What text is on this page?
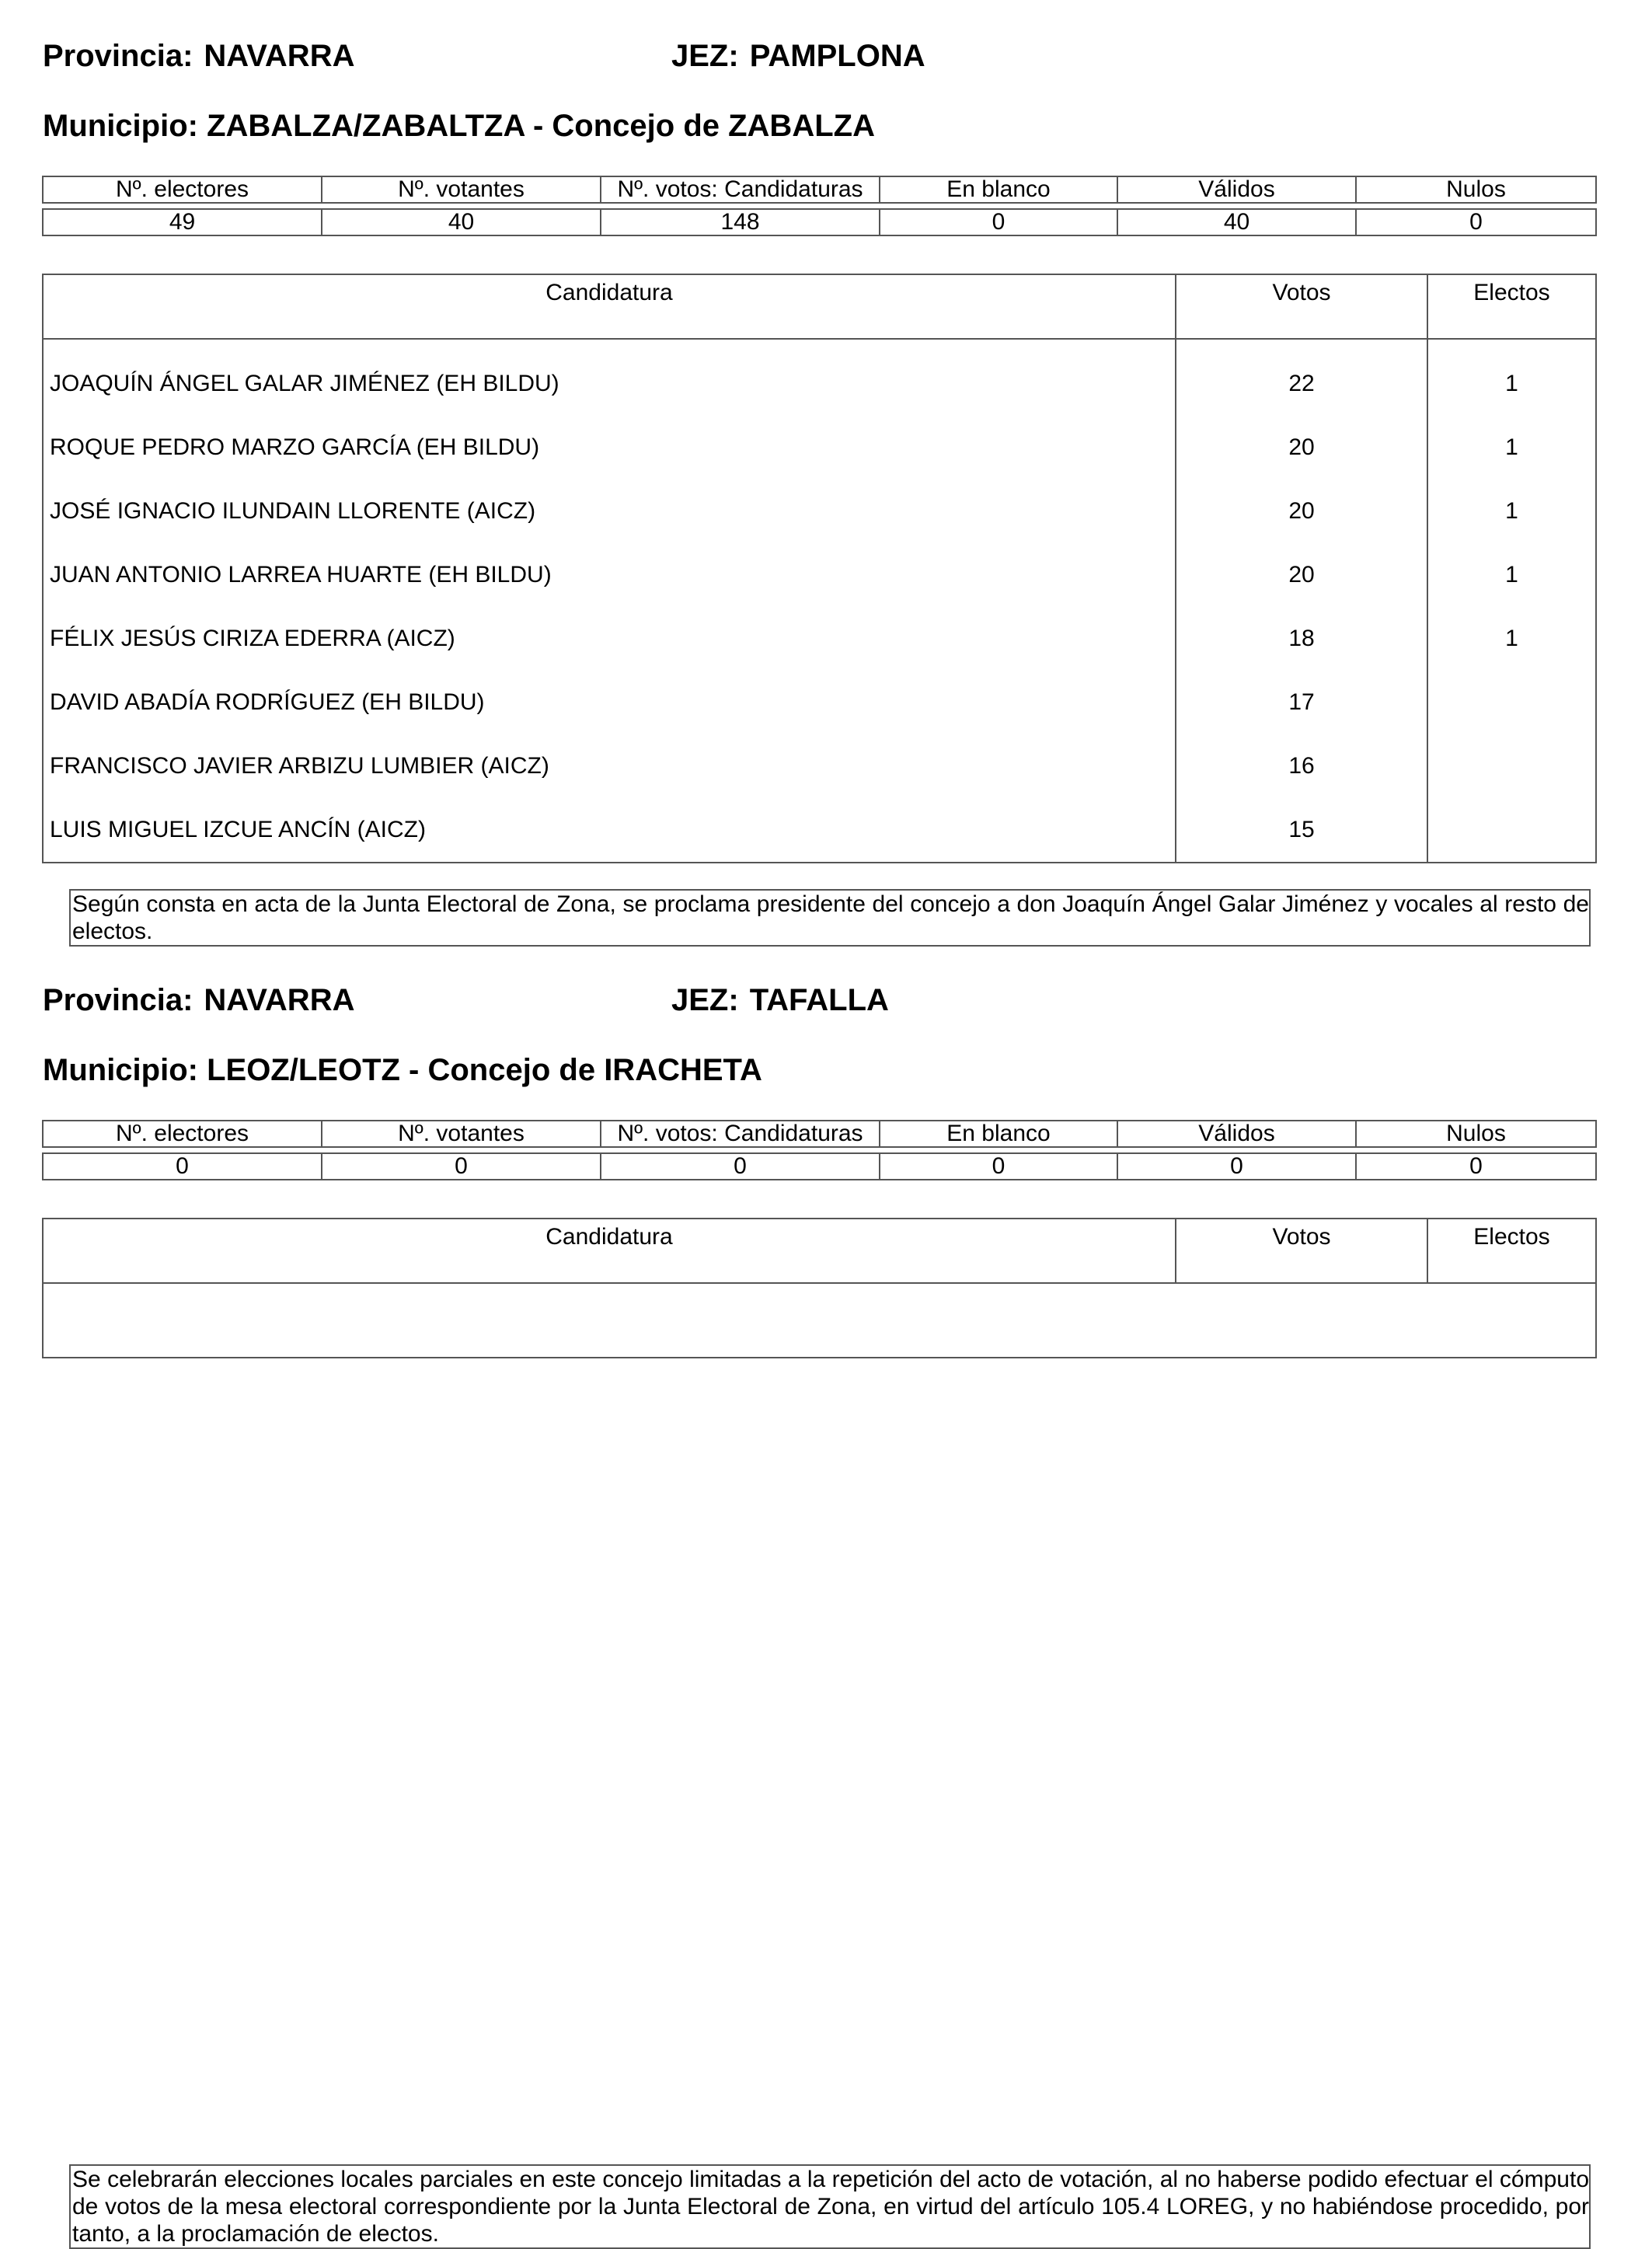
Provincia: NAVARRA	JEZ: PAMPLONA
Municipio: ZABALZA/ZABALTZA - Concejo de ZABALZA
Nº. electores	Nº. votantes	Nº. votos: Candidaturas	En blanco	Válidos	Nulos
49	40	148	0	40	0
Candidatura	Votos	Electos
JOAQUÍN ÁNGEL GALAR JIMÉNEZ (EH BILDU)	22	1
ROQUE PEDRO MARZO GARCÍA (EH BILDU)	20	1
JOSÉ IGNACIO ILUNDAIN LLORENTE (AICZ)	20	1
JUAN ANTONIO LARREA HUARTE (EH BILDU)	20	1
FÉLIX JESÚS CIRIZA EDERRA (AICZ)	18	1
DAVID ABADÍA RODRÍGUEZ (EH BILDU)	17	
FRANCISCO JAVIER ARBIZU LUMBIER (AICZ)	16	
LUIS MIGUEL IZCUE ANCÍN (AICZ)	15	
Según consta en acta de la Junta Electoral de Zona, se proclama presidente del concejo a don Joaquín Ángel Galar Jiménez y vocales al resto de electos.
Provincia: NAVARRA	JEZ: TAFALLA
Municipio: LEOZ/LEOTZ - Concejo de IRACHETA
Nº. electores	Nº. votantes	Nº. votos: Candidaturas	En blanco	Válidos	Nulos
0	0	0	0	0	0
Candidatura	Votos	Electos

Se celebrarán elecciones locales parciales en este concejo limitadas a la repetición del acto de votación, al no haberse podido efectuar el cómputo de votos de la mesa electoral correspondiente por la Junta Electoral de Zona, en virtud del artículo 105.4 LOREG, y no habiéndose procedido, por tanto, a la proclamación de electos.
